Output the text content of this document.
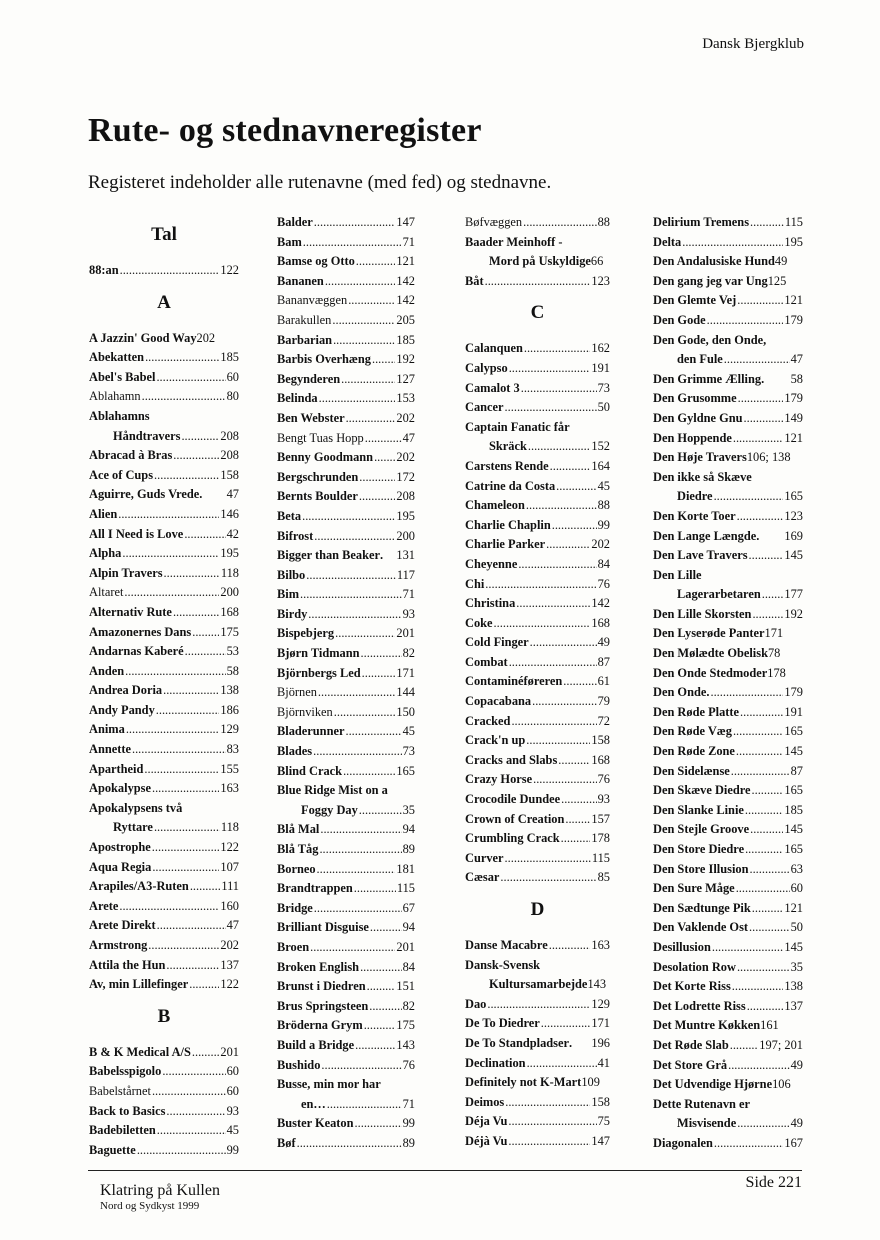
Dansk Bjergklub
Rute- og stednavneregister

Registeret indeholder alle rutenavne (med fed) og stednavne.

Tal
88:an .....	122
A
A Jazzin' Good Way 202
Abekatten .....	185
Abel's Babel .....	60
Ablahamn .....	80
Ablahamns
Håndtravers .....	208
Abracad à Bras .....	208
Ace of Cups .....	158
Aguirre, Guds Vrede . 47
Alien .....	146
All I Need is Love .....	42
Alpha .....	195
Alpin Travers .....	118
Altaret .....	200
Alternativ Rute .....	168
Amazonernes Dans ..... 175
Andarnas Kaberé .....	53
Anden .....	58
Andrea Doria .....	138
Andy Pandy .....	186
Anima .....	129
Annette .....	83
Apartheid .....	155
Apokalypse .....	163
Apokalypsens två
Ryttare .....	118
Apostrophe .....	122
Aqua Regia .....	107
Arapiles/A3-Ruten .....	111
Arete .....	160
Arete Direkt .....	47
Armstrong .....	202
Attila the Hun .....	137
Av, min Lillefinger .....	122
B
B & K Medical A/S ..... 201
Babelsspigolo .....	60
Babelstårnet .....	60
Back to Basics .....	93
Badebiletten .....	45
Baguette .....	99
Balder .....	147
Bam .....	71
Bamse og Otto .....	121
Bananen .....	142
Bananvæggen .....	142
Barakullen .....	205
Barbarian .....	185
Barbis Overhæng ..... 192
Begynderen .....	127
Belinda .....	153
Ben Webster .....	202
Bengt Tuas Hopp .....	47
Benny Goodmann ..... 202
Bergschrunden .....	172
Bernts Boulder .....	208
Beta .....	195
Bifrost .....	200
Bigger than Beaker . 131
Bilbo .....	117
Bim .....	71
Birdy .....	93
Bispebjerg .....	201
Bjørn Tidmann .....	82
Björnbergs Led .....	171
Björnen .....	144
Björnviken .....	150
Bladerunner .....	45
Blades .....	73
Blind Crack .....	165
Blue Ridge Mist on a
Foggy Day .....	35
Blå Mal .....	94
Blå Tåg .....	89
Borneo .....	181
Brandtrappen .....	115
Bridge .....	67
Brilliant Disguise .....	94
Broen .....	201
Broken English .....	84
Brunst i Diedren ..... 151
Brus Springsteen .....	82
Bröderna Grym .....	175
Build a Bridge .....	143
Bushido .....	76
Busse, min mor har
en… .....	71
Buster Keaton .....	99
Bøf .....	89
Bøfvæggen .....	88
Baader Meinhoff -
Mord på Uskyldige 66
Båt .....	123
C
Calanquen .....	162
Calypso .....	191
Camalot 3 .....	73
Cancer .....	50
Captain Fanatic får
Skräck .....	152
Carstens Rende .....	164
Catrine da Costa .....	45
Chameleon .....	88
Charlie Chaplin .....	99
Charlie Parker .....	202
Cheyenne .....	84
Chi .....	76
Christina .....	142
Coke .....	168
Cold Finger .....	49
Combat .....	87
Contaminéføreren .....	61
Copacabana .....	79
Cracked .....	72
Crack'n up .....	158
Cracks and Slabs .....	168
Crazy Horse .....	76
Crocodile Dundee .....	93
Crown of Creation ..... 157
Crumbling Crack .....	178
Curver .....	115
Cæsar .....	85
D
Danse Macabre .....	163
Dansk-Svensk
Kultursamarbejde 143
Dao .....	129
De To Diedrer .....	171
De To Standpladser . 196
Declination .....	41
Definitely not K-Mart 109
Deimos .....	158
Déja Vu .....	75
Déjà Vu .....	147
Delirium Tremens .....	115
Delta .....	195
Den Andalusiske Hund 49
Den gang jeg var Ung 125
Den Glemte Vej .....	121
Den Gode .....	179
Den Gode, den Onde,
den Fule .....	47
Den Grimme Ælling . 58
Den Grusomme .....	179
Den Gyldne Gnu .....	149
Den Hoppende .....	121
Den Høje Travers 106; 138
Den ikke så Skæve
Diedre .....	165
Den Korte Toer .....	123
Den Lange Længde . 169
Den Lave Travers .....	145
Den Lille
Lagerarbetaren ..... 177
Den Lille Skorsten .....	192
Den Lyserøde Panter 171
Den Mølædte Obelisk 78
Den Onde Stedmoder 178
Den Onde. .....	179
Den Røde Platte .....	191
Den Røde Væg .....	165
Den Røde Zone .....	145
Den Sidelænse .....	87
Den Skæve Diedre .....	165
Den Slanke Linie .....	185
Den Stejle Groove .....	145
Den Store Diedre .....	165
Den Store Illusion .....	63
Den Sure Måge .....	60
Den Sædtunge Pik .....	121
Den Vaklende Ost .....	50
Desillusion .....	145
Desolation Row .....	35
Det Korte Riss .....	138
Det Lodrette Riss .....	137
Det Muntre Køkken 161
Det Røde Slab ..... 197; 201
Det Store Grå .....	49
Det Udvendige Hjørne 106
Dette Rutenavn er
Misvisende .....	49
Diagonalen .....	167
Klatring på Kullen
Nord og Sydkyst 1999
Side 221
